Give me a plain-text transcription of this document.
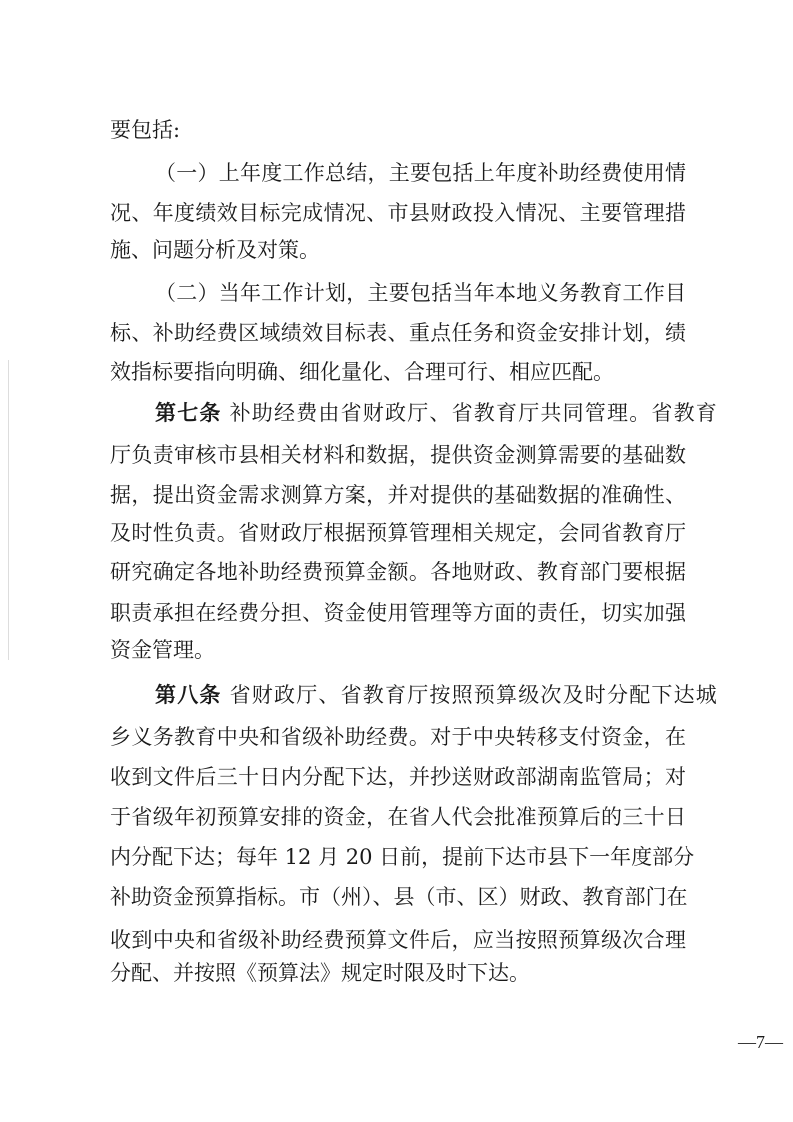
要包括:
（一）上年度工作总结，主要包括上年度补助经费使用情
况、年度绩效目标完成情况、市县财政投入情况、主要管理措
施、问题分析及对策。
（二）当年工作计划，主要包括当年本地义务教育工作目
标、补助经费区域绩效目标表、重点任务和资金安排计划，绩
效指标要指向明确、细化量化、合理可行、相应匹配。
第七条 补助经费由省财政厅、省教育厅共同管理。省教育
厅负责审核市县相关材料和数据，提供资金测算需要的基础数
据，提出资金需求测算方案，并对提供的基础数据的准确性、
及时性负责。省财政厅根据预算管理相关规定，会同省教育厅
研究确定各地补助经费预算金额。各地财政、教育部门要根据
职责承担在经费分担、资金使用管理等方面的责任，切实加强
资金管理。
第八条 省财政厅、省教育厅按照预算级次及时分配下达城
乡义务教育中央和省级补助经费。对于中央转移支付资金，在
收到文件后三十日内分配下达，并抄送财政部湖南监管局；对
于省级年初预算安排的资金，在省人代会批准预算后的三十日
内分配下达；每年 12 月 20 日前，提前下达市县下一年度部分
补助资金预算指标。市（州）、县（市、区）财政、教育部门在
收到中央和省级补助经费预算文件后，应当按照预算级次合理
分配、并按照《预算法》规定时限及时下达。
—7—
